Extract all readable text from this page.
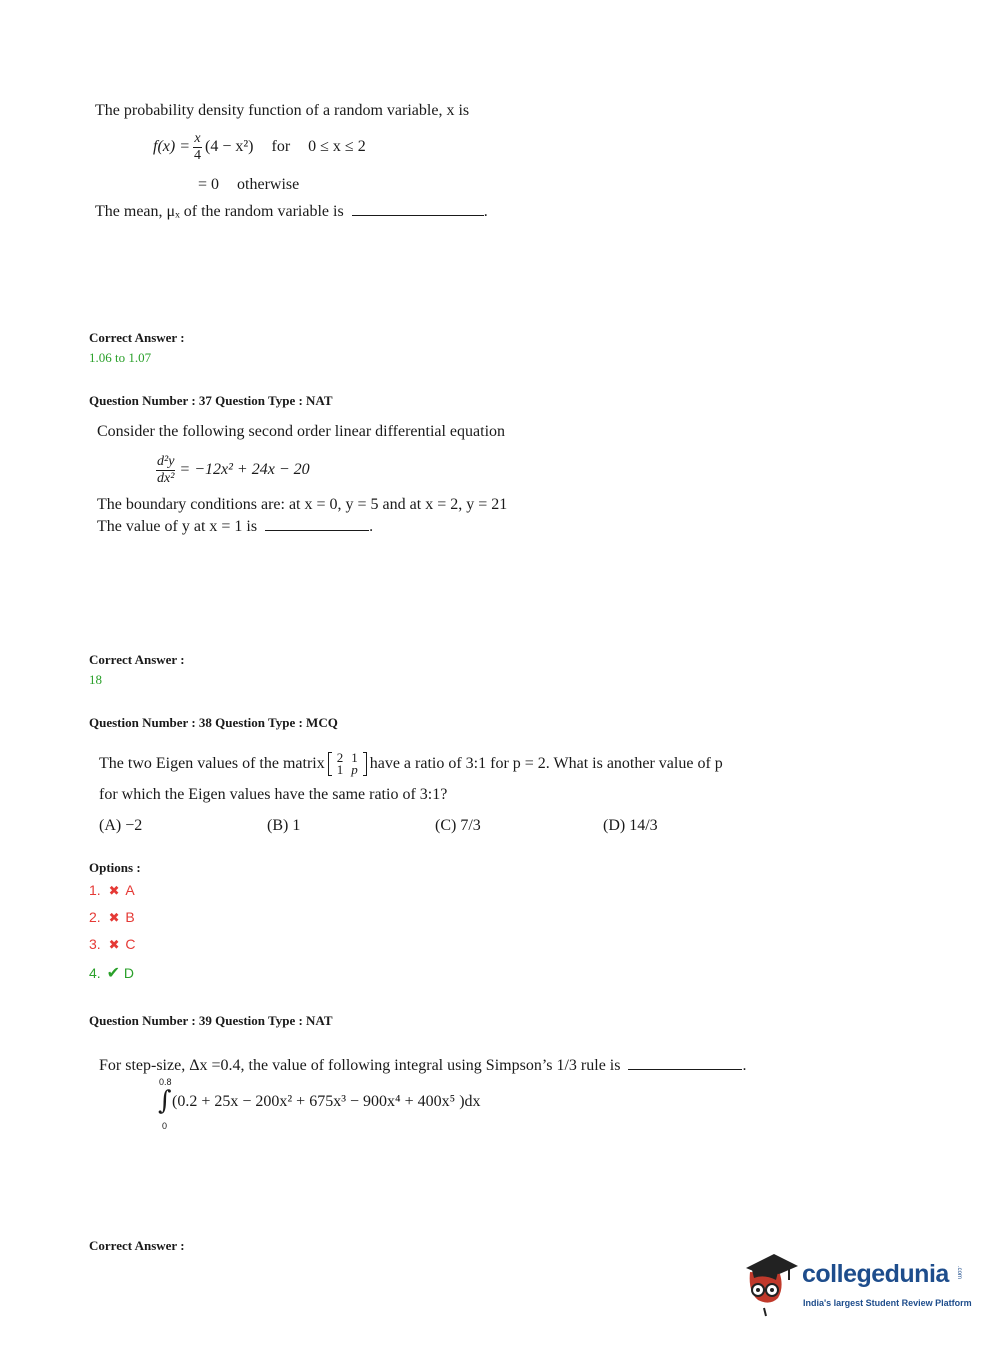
The probability density function of a random variable, x is
$f(x) = \frac{x}{4} (4 - x^2)$ for 0 ≤ x ≤ 2
= 0 otherwise
The mean, μₓ of the random variable is	.
Correct Answer :
1.06 to 1.07
Question Number : 37 Question Type : NAT
Consider the following second order linear differential equation
$\frac{\text{d²y}}{\text{dx²}} = -12x^2 + 24x - 20$
The boundary conditions are: at x = 0, y = 5 and at x = 2, y = 21
The value of y at x = 1 is	.
Correct Answer :
18
Question Number : 38 Question Type : MCQ
The two Eigen values of the matrix 2	1
1	p have a ratio of 3:1 for p = 2. What is another value of p
for which the Eigen values have the same ratio of 3:1?
(A) −2	(B) 1	(C) 7/3	(D) 14/3
Options :
1. ✖ A
2. ✖ B
3. ✖ C
4. ✔ D
Question Number : 39 Question Type : NAT
For step-size, Δx =0.4, the value of following integral using Simpson’s 1/3 rule is	.
0.8
∫ (0.2 + 25x − 200x² + 675x³ − 900x⁴ + 400x⁵ )dx
0
Correct Answer :
collegedunia .com
India's largest Student Review Platform
